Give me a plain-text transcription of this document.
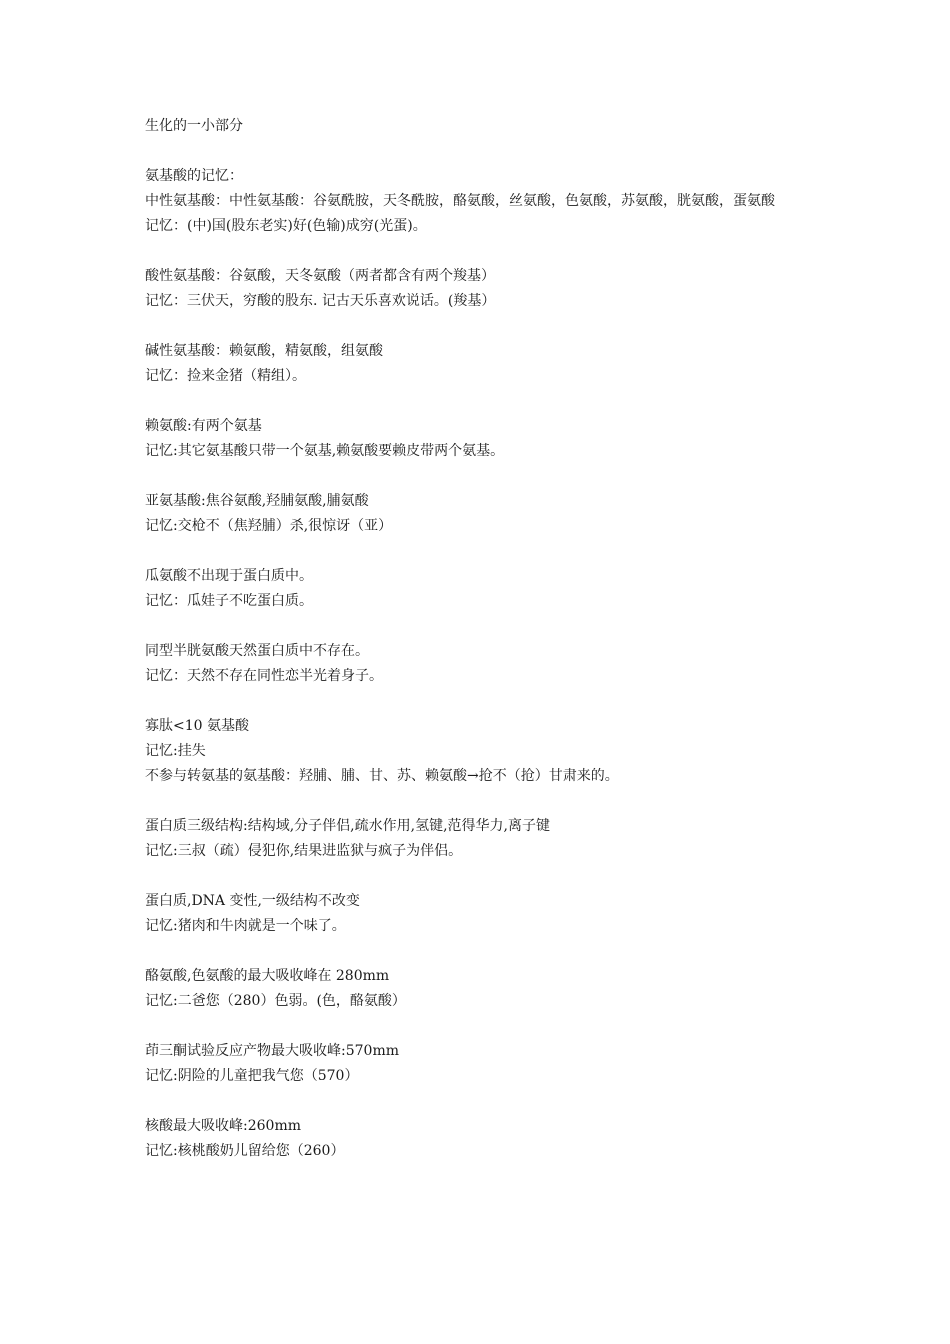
生化的一小部分
氨基酸的记忆：
中性氨基酸：中性氨基酸：谷氨酰胺，天冬酰胺，酪氨酸，丝氨酸，色氨酸，苏氨酸，胱氨酸，蛋氨酸
记忆：(中)国(股东老实)好(色输)成穷(光蛋)。
酸性氨基酸：谷氨酸，天冬氨酸（两者都含有两个羧基）
记忆：三伏天，穷酸的股东. 记古天乐喜欢说话。(羧基）
碱性氨基酸：赖氨酸，精氨酸，组氨酸
记忆：捡来金猪（精组）。
赖氨酸:有两个氨基
记忆:其它氨基酸只带一个氨基,赖氨酸要赖皮带两个氨基。
亚氨基酸:焦谷氨酸,羟脯氨酸,脯氨酸
记忆:交枪不（焦羟脯）杀,很惊讶（亚）
瓜氨酸不出现于蛋白质中。
记忆：瓜娃子不吃蛋白质。
同型半胱氨酸天然蛋白质中不存在。
记忆：天然不存在同性恋半光着身子。
寡肽<10 氨基酸
记忆:挂失
不参与转氨基的氨基酸：羟脯、脯、甘、苏、赖氨酸→抢不（抢）甘肃来的。
蛋白质三级结构:结构域,分子伴侣,疏水作用,氢键,范得华力,离子键
记忆:三叔（疏）侵犯你,结果进监狱与疯子为伴侣。
蛋白质,DNA 变性,一级结构不改变
记忆:猪肉和牛肉就是一个味了。
酪氨酸,色氨酸的最大吸收峰在 280mm
记忆:二爸您（280）色弱。(色，酪氨酸）
茚三酮试验反应产物最大吸收峰:570mm
记忆:阴险的儿童把我气您（570）
核酸最大吸收峰:260mm
记忆:核桃酸奶儿留给您（260）
